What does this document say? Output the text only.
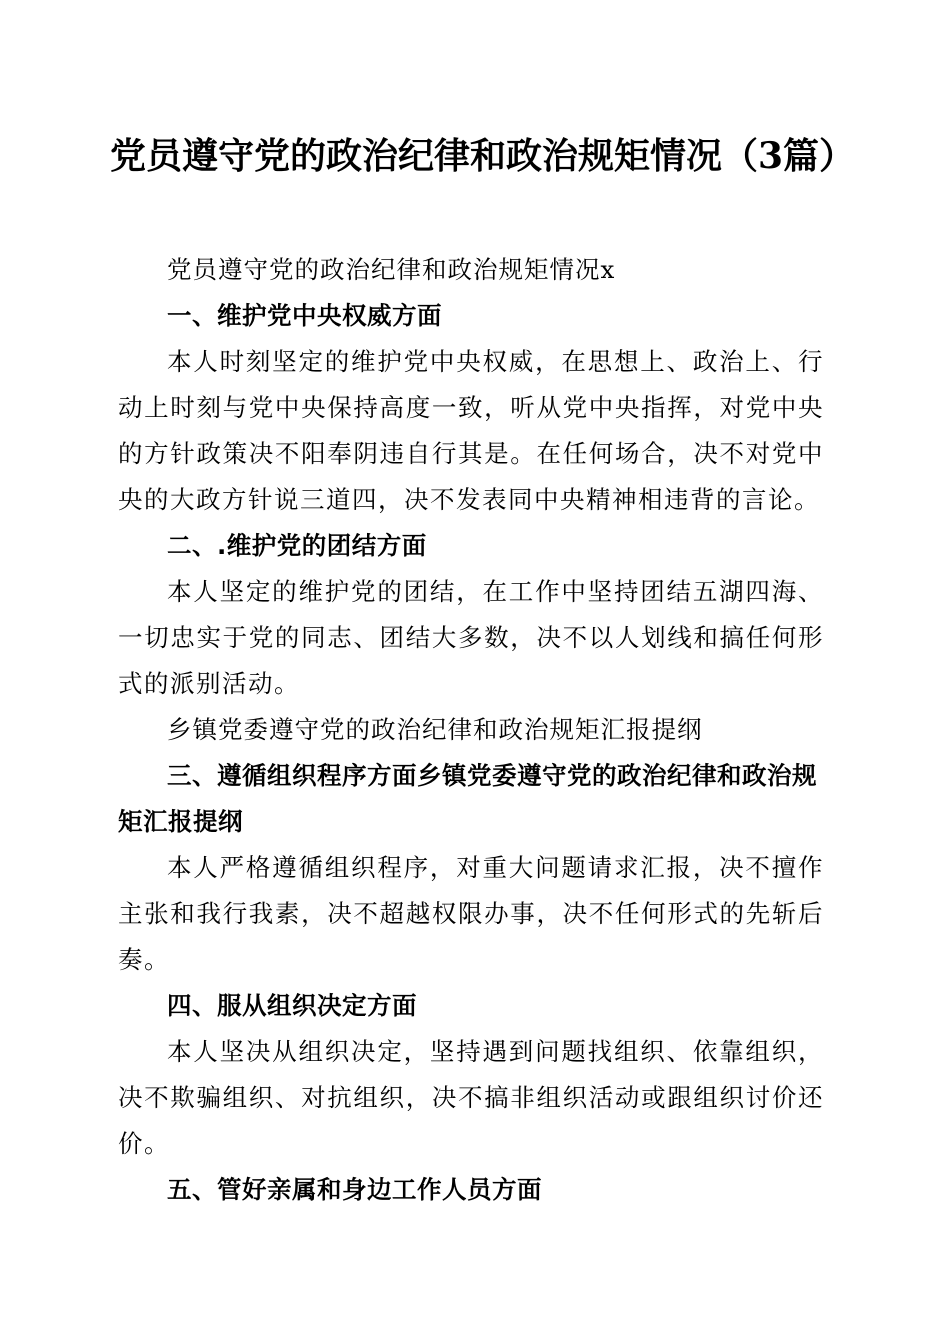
党员遵守党的政治纪律和政治规矩情况（3篇）

党员遵守党的政治纪律和政治规矩情况x

一、维护党中央权威方面

本人时刻坚定的维护党中央权威，在思想上、政治上、行动上时刻与党中央保持高度一致，听从党中央指挥，对党中央的方针政策决不阳奉阴违自行其是。在任何场合，决不对党中央的大政方针说三道四，决不发表同中央精神相违背的言论。

二、.维护党的团结方面

本人坚定的维护党的团结，在工作中坚持团结五湖四海、一切忠实于党的同志、团结大多数，决不以人划线和搞任何形式的派别活动。

乡镇党委遵守党的政治纪律和政治规矩汇报提纲

三、遵循组织程序方面乡镇党委遵守党的政治纪律和政治规矩汇报提纲

本人严格遵循组织程序，对重大问题请求汇报，决不擅作主张和我行我素，决不超越权限办事，决不任何形式的先斩后奏。

四、服从组织决定方面

本人坚决从组织决定，坚持遇到问题找组织、依靠组织，决不欺骗组织、对抗组织，决不搞非组织活动或跟组织讨价还价。

五、管好亲属和身边工作人员方面
